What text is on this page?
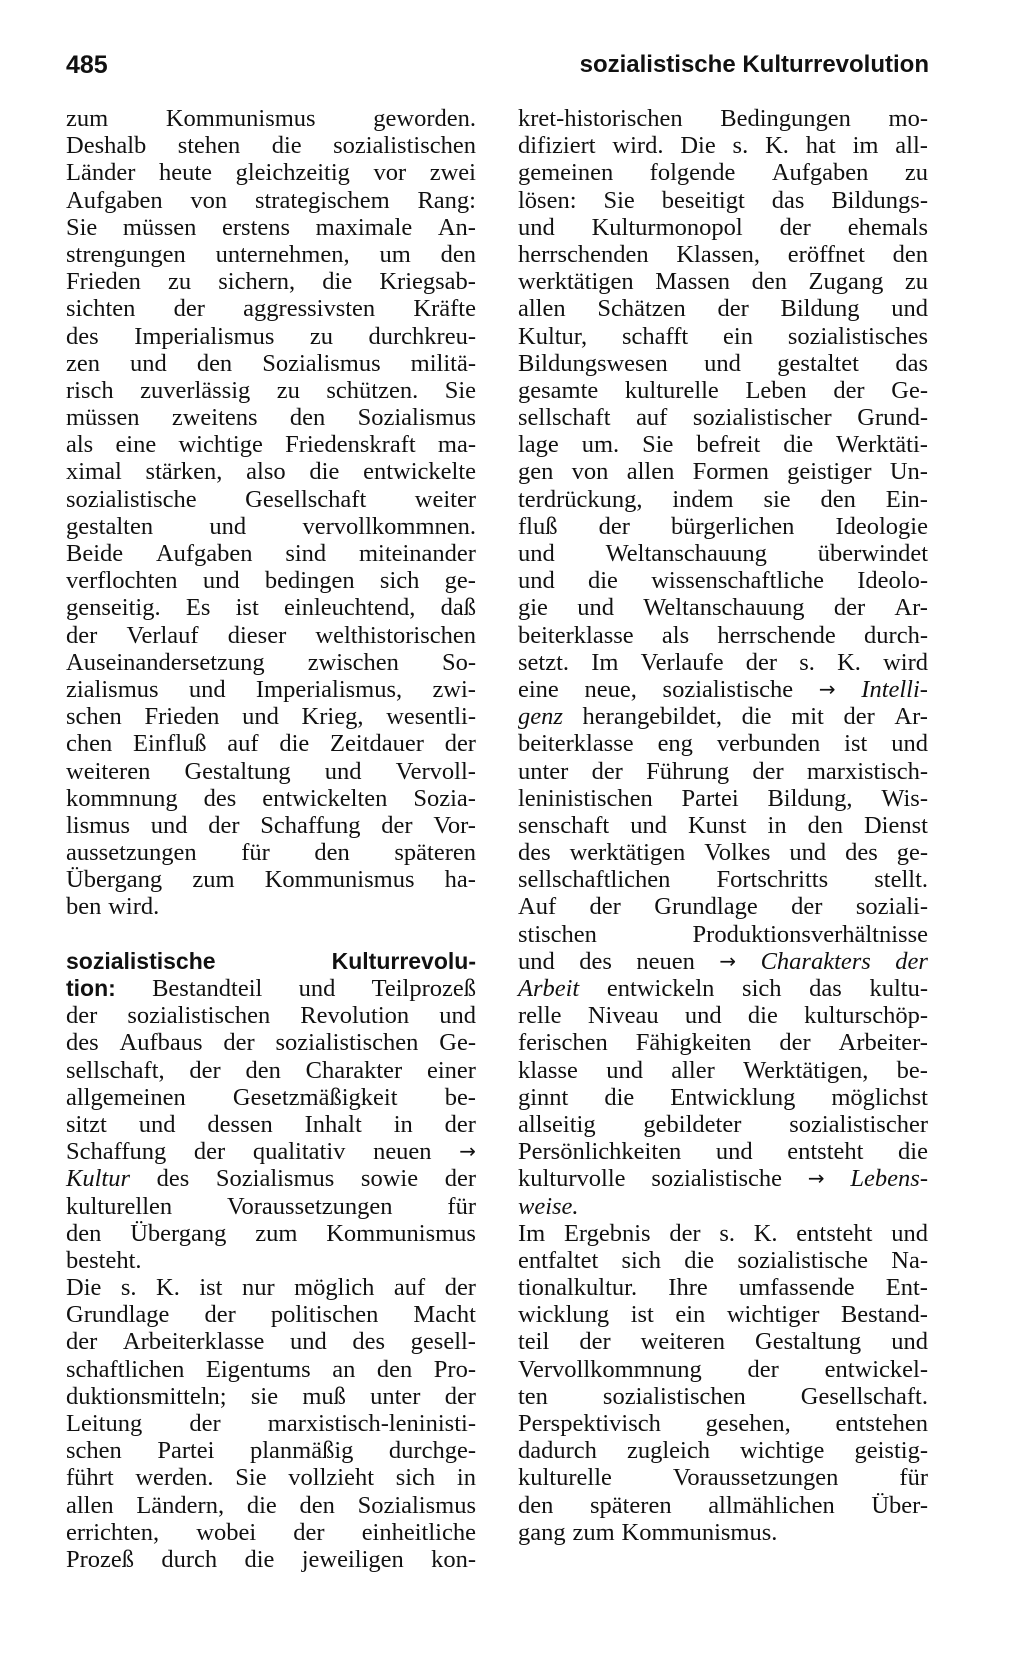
485	sozialistische Kulturrevolution
zum Kommunismus geworden.
Deshalb stehen die sozialistischen
Länder heute gleichzeitig vor zwei
Aufgaben von strategischem Rang:
Sie müssen erstens maximale An-
strengungen unternehmen, um den
Frieden zu sichern, die Kriegsab-
sichten der aggressivsten Kräfte
des Imperialismus zu durchkreu-
zen und den Sozialismus militä-
risch zuverlässig zu schützen. Sie
müssen zweitens den Sozialismus
als eine wichtige Friedenskraft ma-
ximal stärken, also die entwickelte
sozialistische Gesellschaft weiter
gestalten und vervollkommnen.
Beide Aufgaben sind miteinander
verflochten und bedingen sich ge-
genseitig. Es ist einleuchtend, daß
der Verlauf dieser welthistorischen
Auseinandersetzung zwischen So-
zialismus und Imperialismus, zwi-
schen Frieden und Krieg, wesentli-
chen Einfluß auf die Zeitdauer der
weiteren Gestaltung und Vervoll-
kommnung des entwickelten Sozia-
lismus und der Schaffung der Vor-
aussetzungen für den späteren
Übergang zum Kommunismus ha-
ben wird.
sozialistische	Kulturrevolu-
tion: Bestandteil und Teilprozeß
der sozialistischen Revolution und
des Aufbaus der sozialistischen Ge-
sellschaft, der den Charakter einer
allgemeinen Gesetzmäßigkeit be-
sitzt und dessen Inhalt in der
Schaffung der qualitativ neuen →
Kultur des Sozialismus sowie der
kulturellen Voraussetzungen für
den Übergang zum Kommunismus
besteht.
Die s. K. ist nur möglich auf der
Grundlage der politischen Macht
der Arbeiterklasse und des gesell-
schaftlichen Eigentums an den Pro-
duktionsmitteln; sie muß unter der
Leitung der marxistisch-leninisti-
schen Partei planmäßig durchge-
führt werden. Sie vollzieht sich in
allen Ländern, die den Sozialismus
errichten, wobei der einheitliche
Prozeß durch die jeweiligen kon-
kret-historischen Bedingungen mo-
difiziert wird. Die s. K. hat im all-
gemeinen folgende Aufgaben zu
lösen: Sie beseitigt das Bildungs-
und Kulturmonopol der ehemals
herrschenden Klassen, eröffnet den
werktätigen Massen den Zugang zu
allen Schätzen der Bildung und
Kultur, schafft ein sozialistisches
Bildungswesen und gestaltet das
gesamte kulturelle Leben der Ge-
sellschaft auf sozialistischer Grund-
lage um. Sie befreit die Werktäti-
gen von allen Formen geistiger Un-
terdrückung, indem sie den Ein-
fluß der bürgerlichen Ideologie
und Weltanschauung überwindet
und die wissenschaftliche Ideolo-
gie und Weltanschauung der Ar-
beiterklasse als herrschende durch-
setzt. Im Verlaufe der s. K. wird
eine neue, sozialistische → Intelli-
genz herangebildet, die mit der Ar-
beiterklasse eng verbunden ist und
unter der Führung der marxistisch-
leninistischen Partei Bildung, Wis-
senschaft und Kunst in den Dienst
des werktätigen Volkes und des ge-
sellschaftlichen Fortschritts stellt.
Auf der Grundlage der soziali-
stischen	Produktionsverhältnisse
und des neuen → Charakters der
Arbeit entwickeln sich das kultu-
relle Niveau und die kulturschöp-
ferischen Fähigkeiten der Arbeiter-
klasse und aller Werktätigen, be-
ginnt die Entwicklung möglichst
allseitig gebildeter sozialistischer
Persönlichkeiten und entsteht die
kulturvolle sozialistische → Lebens-
weise.
Im Ergebnis der s. K. entsteht und
entfaltet sich die sozialistische Na-
tionalkultur. Ihre umfassende Ent-
wicklung ist ein wichtiger Bestand-
teil der weiteren Gestaltung und
Vervollkommnung der entwickel-
ten sozialistischen Gesellschaft.
Perspektivisch gesehen, entstehen
dadurch zugleich wichtige geistig-
kulturelle Voraussetzungen für
den späteren allmählichen Über-
gang zum Kommunismus.
